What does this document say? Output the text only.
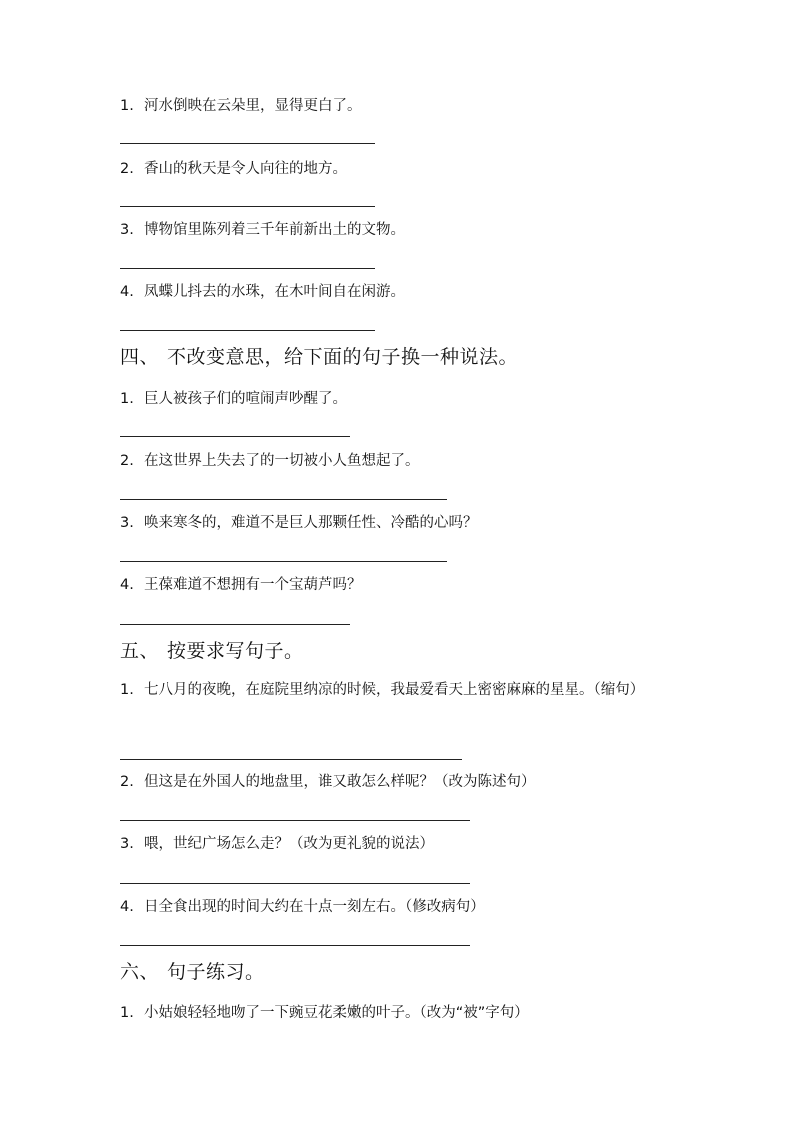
1. 河水倒映在云朵里，显得更白了。
2. 香山的秋天是令人向往的地方。
3. 博物馆里陈列着三千年前新出土的文物。
4. 凤蝶儿抖去的水珠，在木叶间自在闲游。
四、 不改变意思，给下面的句子换一种说法。
1. 巨人被孩子们的喧闹声吵醒了。
2. 在这世界上失去了的一切被小人鱼想起了。
3. 唤来寒冬的，难道不是巨人那颗任性、冷酷的心吗？
4. 王葆难道不想拥有一个宝葫芦吗？
五、 按要求写句子。
1. 七八月的夜晚，在庭院里纳凉的时候，我最爱看天上密密麻麻的星星。（缩句）
2. 但这是在外国人的地盘里，谁又敢怎么样呢？（改为陈述句）
3. 喂，世纪广场怎么走？（改为更礼貌的说法）
4. 日全食出现的时间大约在十点一刻左右。（修改病句）
六、 句子练习。
1. 小姑娘轻轻地吻了一下豌豆花柔嫩的叶子。（改为“被”字句）
